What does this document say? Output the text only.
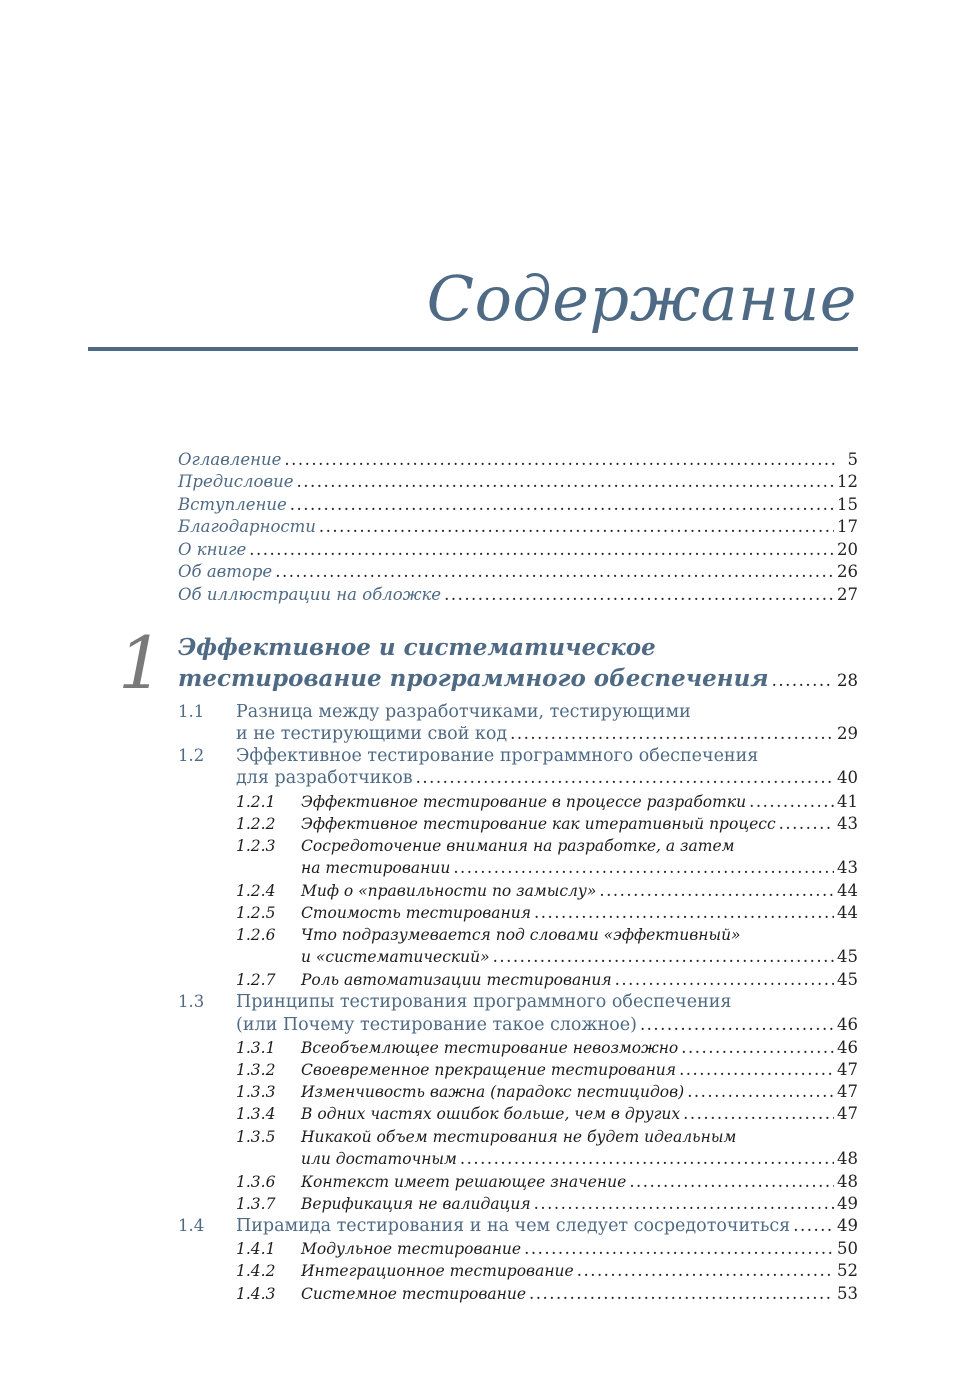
Содержание
Оглавление .....	5
Предисловие .....	12
Вступление .....	15
Благодарности .....	17
О книге .....	20
Об авторе .....	26
Об иллюстрации на обложке .....	27
1 Эффективное и систематическое
тестирование программного обеспечения .....	28
1.1 Разница между разработчиками, тестирующими
и не тестирующими свой код .....	29
1.2 Эффективное тестирование программного обеспечения
для разработчиков .....	40
1.2.1 Эффективное тестирование в процессе разработки .....	41
1.2.2 Эффективное тестирование как итеративный процесс .....	43
1.2.3 Сосредоточение внимания на разработке, а затем
на тестировании .....	43
1.2.4 Миф о «правильности по замыслу» .....	44
1.2.5 Стоимость тестирования .....	44
1.2.6 Что подразумевается под словами «эффективный»
и «систематический» .....	45
1.2.7 Роль автоматизации тестирования .....	45
1.3 Принципы тестирования программного обеспечения
(или Почему тестирование такое сложное) .....	46
1.3.1 Всеобъемлющее тестирование невозможно .....	46
1.3.2 Своевременное прекращение тестирования .....	47
1.3.3 Изменчивость важна (парадокс пестицидов) .....	47
1.3.4 В одних частях ошибок больше, чем в других .....	47
1.3.5 Никакой объем тестирования не будет идеальным
или достаточным .....	48
1.3.6 Контекст имеет решающее значение .....	48
1.3.7 Верификация не валидация .....	49
1.4 Пирамида тестирования и на чем следует сосредоточиться .....	49
1.4.1 Модульное тестирование .....	50
1.4.2 Интеграционное тестирование .....	52
1.4.3 Системное тестирование .....	53
